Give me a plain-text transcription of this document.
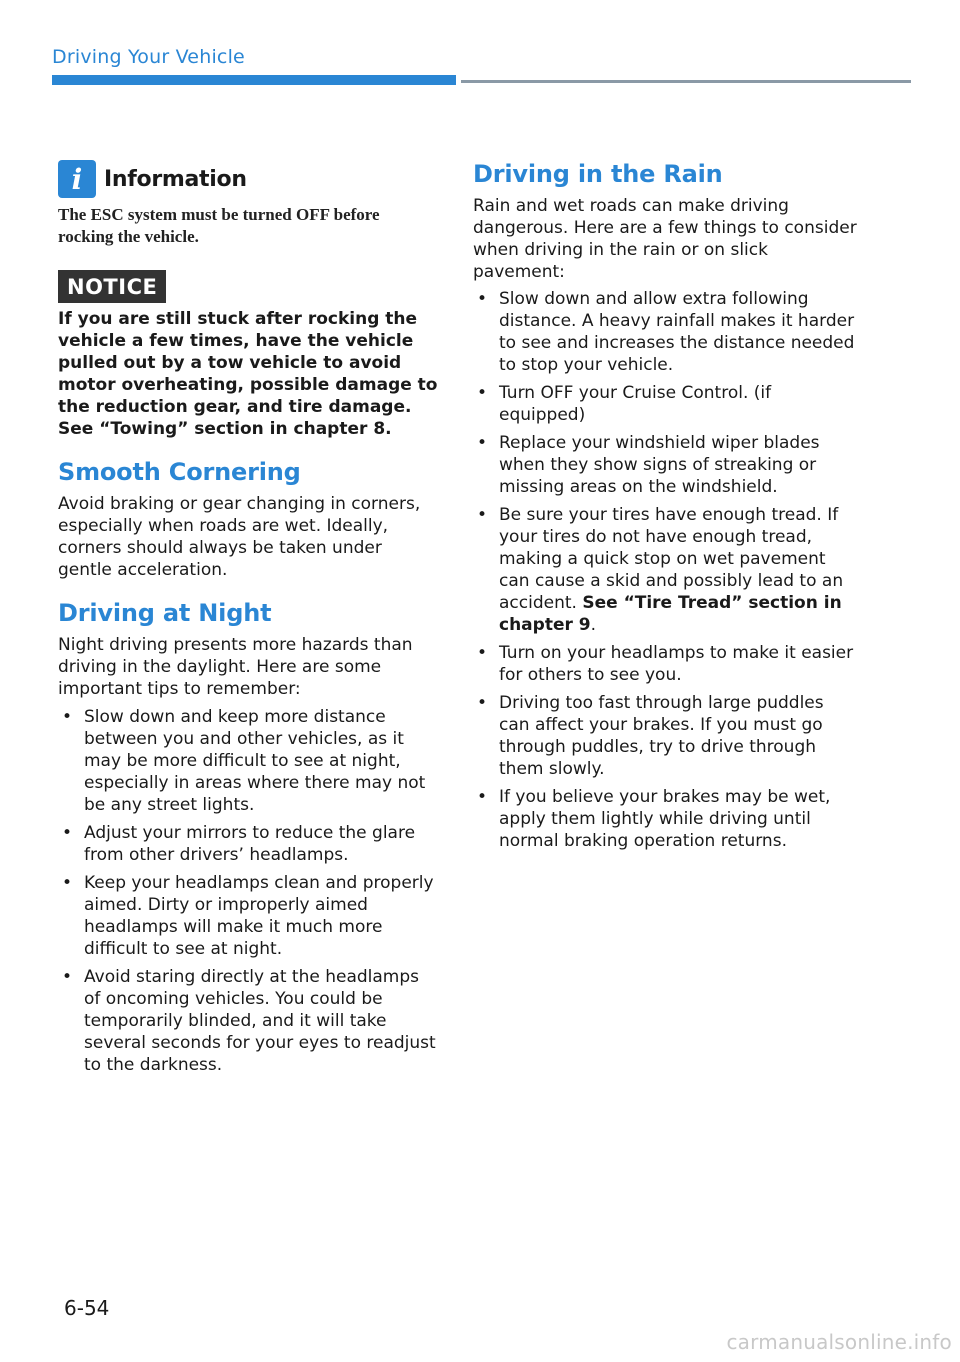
Driving Your Vehicle
i Information
The ESC system must be turned OFF before rocking the vehicle.
NOTICE
If you are still stuck after rocking the vehicle a few times, have the vehicle pulled out by a tow vehicle to avoid motor overheating, possible damage to the reduction gear, and tire damage. See “Towing” section in chapter 8.
Smooth Cornering
Avoid braking or gear changing in corners, especially when roads are wet. Ideally, corners should always be taken under gentle acceleration.
Driving at Night
Night driving presents more hazards than driving in the daylight. Here are some important tips to remember:
• Slow down and keep more distance between you and other vehicles, as it may be more difficult to see at night, especially in areas where there may not be any street lights.
• Adjust your mirrors to reduce the glare from other drivers’ headlamps.
• Keep your headlamps clean and properly aimed. Dirty or improperly aimed headlamps will make it much more difficult to see at night.
• Avoid staring directly at the headlamps of oncoming vehicles. You could be temporarily blinded, and it will take several seconds for your eyes to readjust to the darkness.
Driving in the Rain
Rain and wet roads can make driving dangerous. Here are a few things to consider when driving in the rain or on slick pavement:
• Slow down and allow extra following distance. A heavy rainfall makes it harder to see and increases the distance needed to stop your vehicle.
• Turn OFF your Cruise Control. (if equipped)
• Replace your windshield wiper blades when they show signs of streaking or missing areas on the windshield.
• Be sure your tires have enough tread. If your tires do not have enough tread, making a quick stop on wet pavement can cause a skid and possibly lead to an accident. See “Tire Tread” section in chapter 9.
• Turn on your headlamps to make it easier for others to see you.
• Driving too fast through large puddles can affect your brakes. If you must go through puddles, try to drive through them slowly.
• If you believe your brakes may be wet, apply them lightly while driving until normal braking operation returns.
6-54
carmanualsonline.info
